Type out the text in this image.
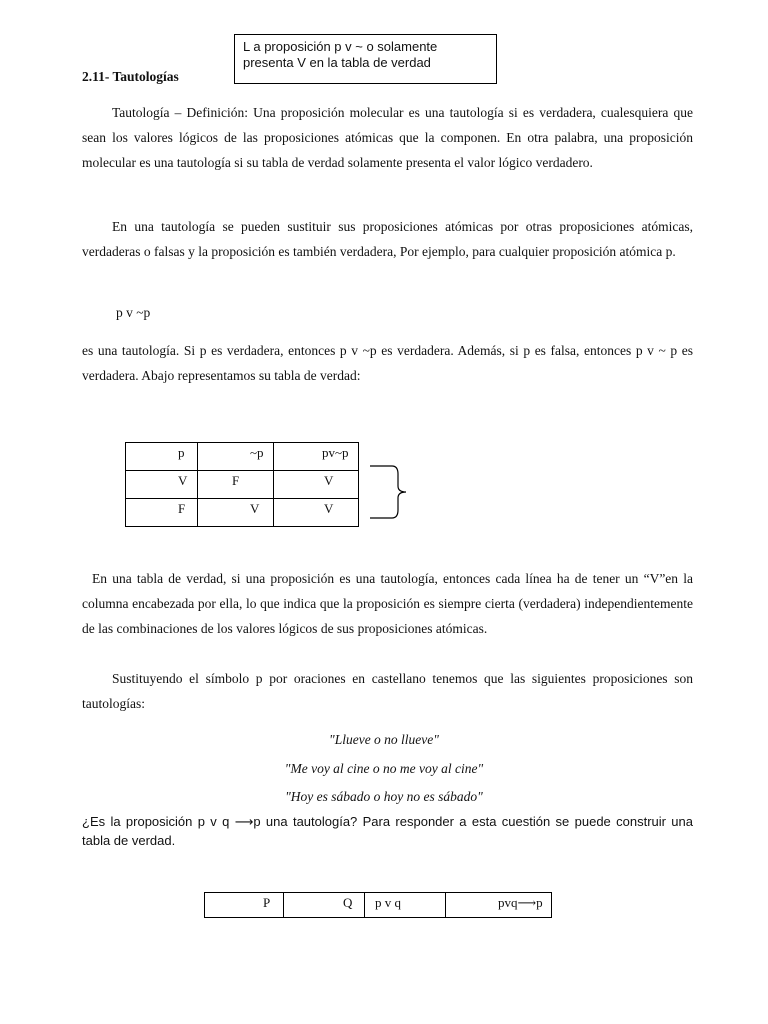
L a proposición p v ~ o solamente
presenta V en la tabla de verdad
2.11- Tautologías
Tautología – Definición: Una proposición molecular es una tautología si es verdadera, cualesquiera que sean los valores lógicos de las proposiciones atómicas que la componen. En otra palabra, una proposición molecular es una tautología si su tabla de verdad solamente presenta el valor lógico verdadero.
En una tautología se pueden sustituir sus proposiciones atómicas por otras proposiciones atómicas, verdaderas o falsas y la proposición es también verdadera, Por ejemplo, para cualquier proposición atómica p.
p v ~p
es una tautología. Si p es verdadera, entonces p v ~p es verdadera. Además, si p es falsa, entonces p v ~ p es verdadera. Abajo representamos su tabla de verdad:
p	~p	pv~p

V	F	V

F	V	V
En una tabla de verdad, si una proposición es una tautología, entonces cada línea ha de tener un “V”en la columna encabezada por ella, lo que indica que la proposición es siempre cierta (verdadera) independientemente de las combinaciones de los valores lógicos de sus proposiciones atómicas.
Sustituyendo el símbolo p por oraciones en castellano tenemos que las siguientes proposiciones son tautologías:
"Llueve o no llueve"
"Me voy al cine o no me voy al cine"
"Hoy es sábado o hoy no es sábado"
¿Es la proposición p v q ⟶p una tautología? Para responder a esta cuestión se puede construir una tabla de verdad.
P	Q	p v q	pvq⟶p
